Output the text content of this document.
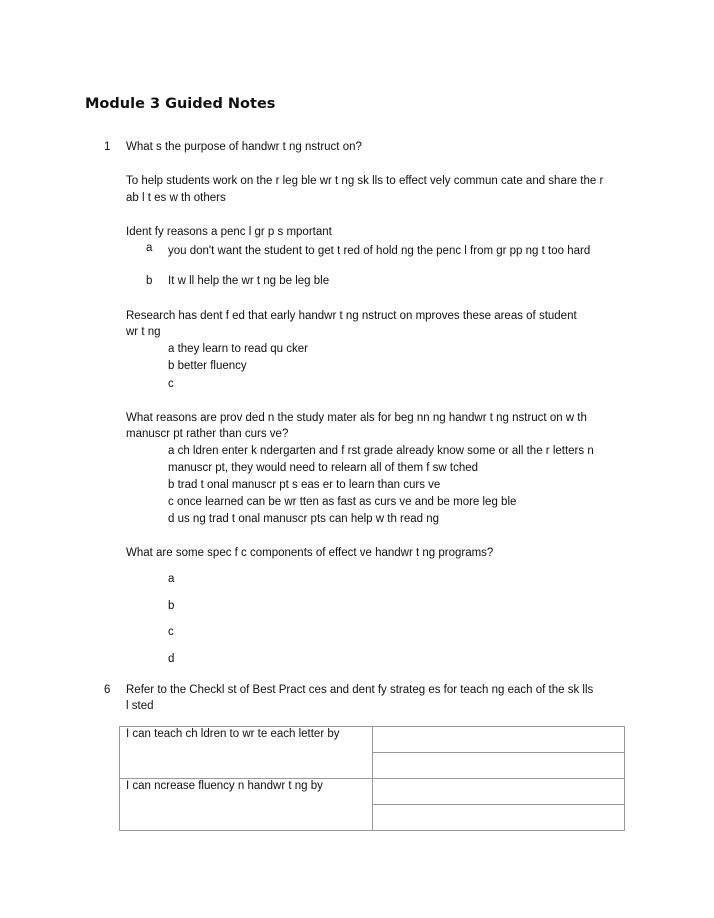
Module 3 Guided Notes
1 What s the purpose of handwr t ng nstruct on?
To help students work on the r leg ble wr t ng sk lls to effect vely commun cate and share the r
ab l t es w th others
Ident fy reasons a penc l gr p s mportant
a you don't want the student to get t red of hold ng the penc l from gr pp ng t too hard
b It w ll help the wr t ng be leg ble
Research has dent f ed that early handwr t ng nstruct on mproves these areas of student
wr t ng
a they learn to read qu cker
b better fluency
c
What reasons are prov ded n the study mater als for beg nn ng handwr t ng nstruct on w th
manuscr pt rather than curs ve?
a ch ldren enter k ndergarten and f rst grade already know some or all the r letters n
manuscr pt, they would need to relearn all of them f sw tched
b trad t onal manuscr pt s eas er to learn than curs ve
c once learned can be wr tten as fast as curs ve and be more leg ble
d us ng trad t onal manuscr pts can help w th read ng
What are some spec f c components of effect ve handwr t ng programs?
a
b
c
d
6 Refer to the Checkl st of Best Pract ces and dent fy strateg es for teach ng each of the sk lls
l sted
I can teach ch ldren to wr te each letter by	

I can ncrease fluency n handwr t ng by	
